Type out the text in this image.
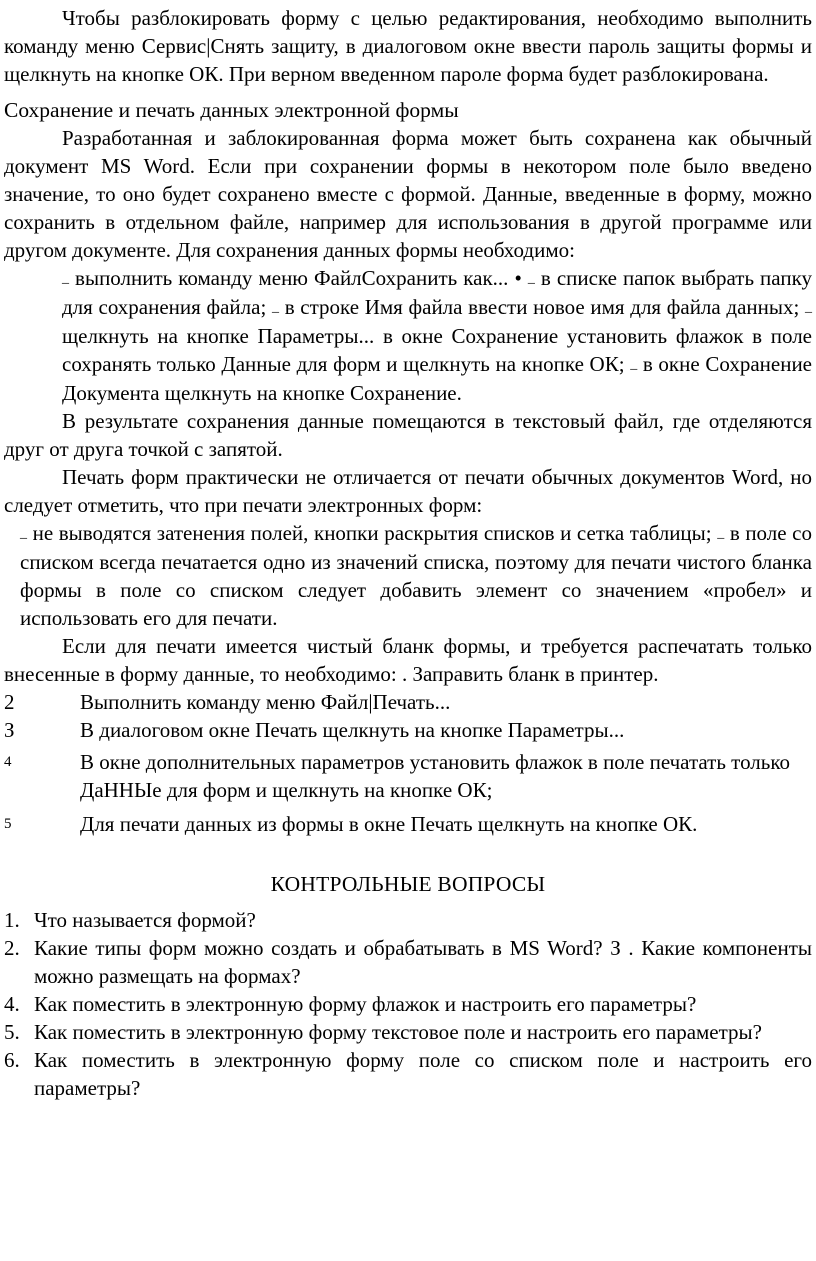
Чтобы разблокировать форму с целью редактирования, необходимо выполнить команду меню Сервис|Снять защиту, в диалоговом окне ввести пароль защиты формы и щелкнуть на кнопке ОК. При верном введенном пароле форма будет разблокирована.

Сохранение и печать данных электронной формы

Разработанная и заблокированная форма может быть сохранена как обычный документ MS Word. Если при сохранении формы в некотором поле было введено значение, то оно будет сохранено вместе с формой. Данные, введенные в форму, можно сохранить в отдельном файле, например для использования в другой программе или другом документе. Для сохранения данных формы необходимо:

_ выполнить команду меню ФайлСохранить как... • _ в списке папок выбрать папку для сохранения файла; _ в строке Имя файла ввести новое имя для файла данных; _ щелкнуть на кнопке Параметры... в окне Сохранение установить флажок в поле сохранять только Данные для форм и щелкнуть на кнопке ОК; _ в окне Сохранение Документа щелкнуть на кнопке Сохранение.

В результате сохранения данные помещаются в текстовый файл, где отделяются друг от друга точкой с запятой.

Печать форм практически не отличается от печати обычных документов Word, но следует отметить, что при печати электронных форм:

_ не выводятся затенения полей, кнопки раскрытия списков и сетка таблицы; _ в поле со списком всегда печатается одно из значений списка, поэтому для печати чистого бланка формы в поле со списком следует добавить элемент со значением «пробел» и использовать его для печати.

Если для печати имеется чистый бланк формы, и требуется распечатать только внесенные в форму данные, то необходимо: . Заправить бланк в принтер.

2	Выполнить команду меню Файл|Печать...
З	В диалоговом окне Печать щелкнуть на кнопке Параметры...
4	В окне дополнительных параметров установить флажок в поле печатать только ДаННЫе для форм и щелкнуть на кнопке ОК;
5	Для печати данных из формы в окне Печать щелкнуть на кнопке ОК.
КОНТРОЛЬНЫЕ ВОПРОСЫ
1. Что называется формой?
2. Какие типы форм можно создать и обрабатывать в MS Word? З . Какие компоненты можно размещать на формах?
4. Как поместить в электронную форму флажок и настроить его параметры?
5. Как поместить в электронную форму текстовое поле и настроить его параметры?
6. Как поместить в электронную форму поле со списком поле и настроить его параметры?
